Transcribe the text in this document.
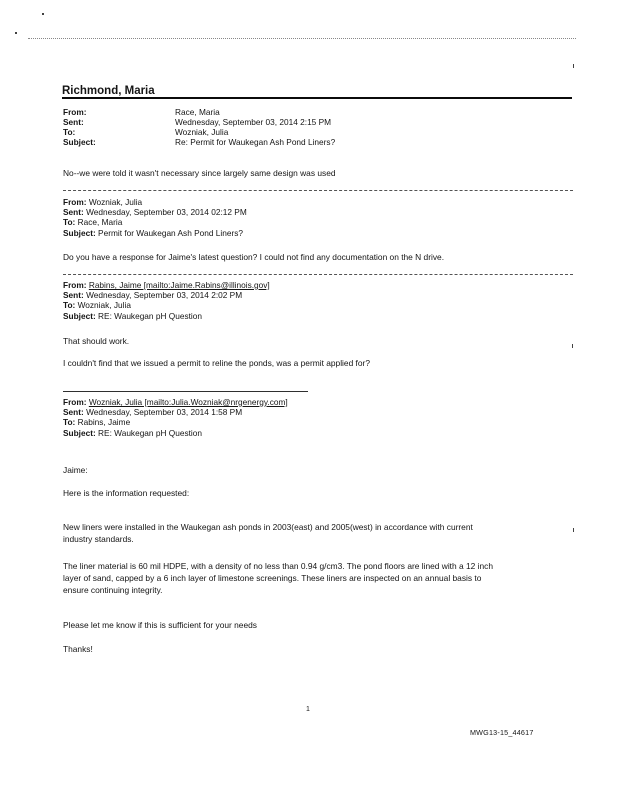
Richmond, Maria
From:	Race, Maria
Sent:	Wednesday, September 03, 2014 2:15 PM
To:	Wozniak, Julia
Subject:	Re: Permit for Waukegan Ash Pond Liners?
No--we were told it wasn't necessary since largely same design was used
From: Wozniak, Julia
Sent: Wednesday, September 03, 2014 02:12 PM
To: Race, Maria
Subject: Permit for Waukegan Ash Pond Liners?
Do you have a response for Jaime's latest question? I could not find any documentation on the N drive.
From: Rabins, Jaime [mailto:Jaime.Rabins@illinois.gov]
Sent: Wednesday, September 03, 2014 2:02 PM
To: Wozniak, Julia
Subject: RE: Waukegan pH Question
That should work.
I couldn't find that we issued a permit to reline the ponds, was a permit applied for?
From: Wozniak, Julia [mailto:Julia.Wozniak@nrgenergy.com]
Sent: Wednesday, September 03, 2014 1:58 PM
To: Rabins, Jaime
Subject: RE: Waukegan pH Question
Jaime:
Here is the information requested:
New liners were installed in the Waukegan ash ponds in 2003(east) and 2005(west) in accordance with current
industry standards.
The liner material is 60 mil HDPE, with a density of no less than 0.94 g/cm3. The pond floors are lined with a 12 inch
layer of sand, capped by a 6 inch layer of limestone screenings. These liners are inspected on an annual basis to
ensure continuing integrity.
Please let me know if this is sufficient for your needs
Thanks!
1
MWG13-15_44617
